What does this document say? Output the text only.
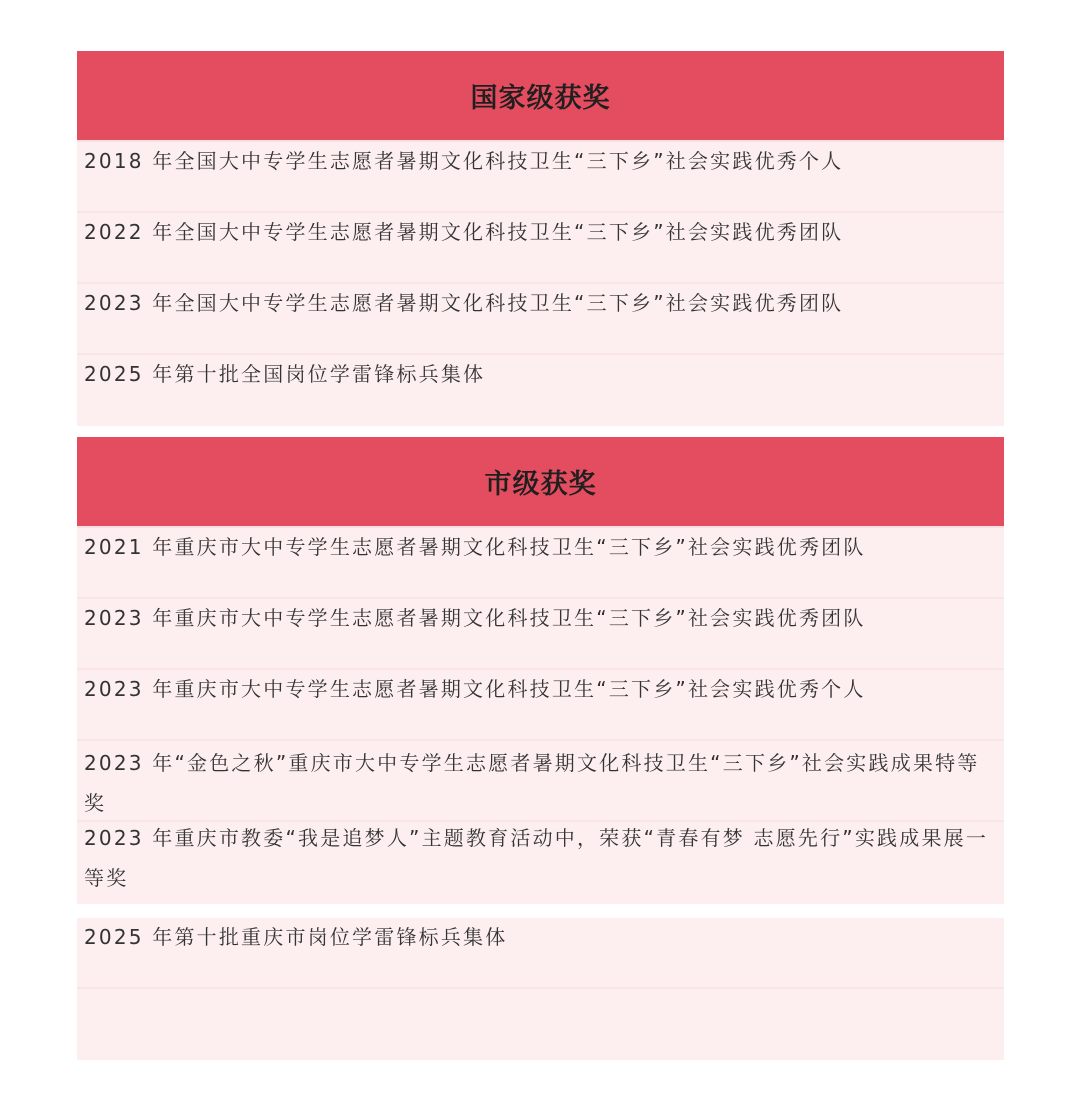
国家级获奖
2018 年全国大中专学生志愿者暑期文化科技卫生“三下乡”社会实践优秀个人
2022 年全国大中专学生志愿者暑期文化科技卫生“三下乡”社会实践优秀团队
2023 年全国大中专学生志愿者暑期文化科技卫生“三下乡”社会实践优秀团队
2025 年第十批全国岗位学雷锋标兵集体
市级获奖
2021 年重庆市大中专学生志愿者暑期文化科技卫生“三下乡”社会实践优秀团队
2023 年重庆市大中专学生志愿者暑期文化科技卫生“三下乡”社会实践优秀团队
2023 年重庆市大中专学生志愿者暑期文化科技卫生“三下乡”社会实践优秀个人
2023 年“金色之秋”重庆市大中专学生志愿者暑期文化科技卫生“三下乡”社会实践成果特等奖
2023 年重庆市教委“我是追梦人”主题教育活动中，荣获“青春有梦 志愿先行”实践成果展一等奖
2025 年第十批重庆市岗位学雷锋标兵集体
